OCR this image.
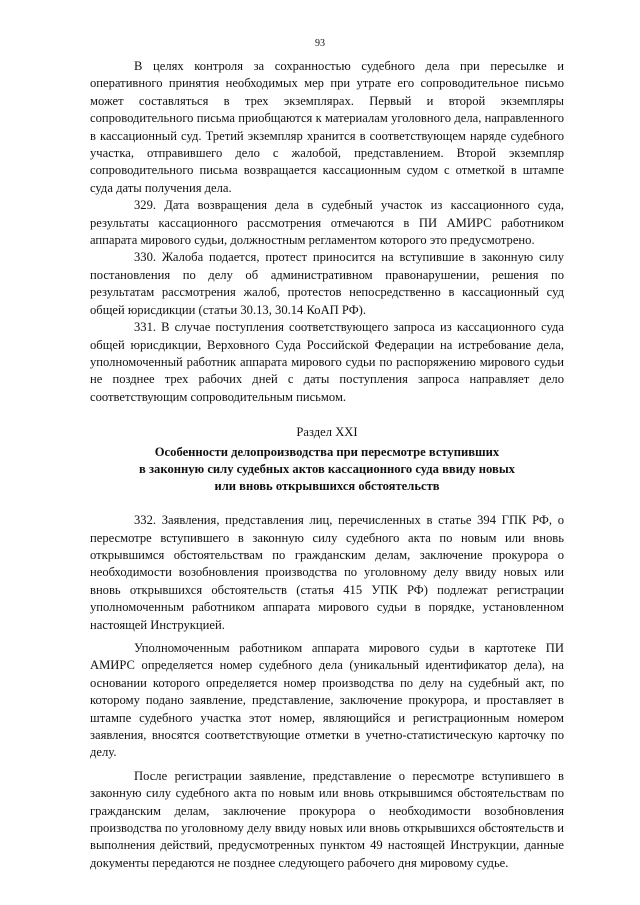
93

В целях контроля за сохранностью судебного дела при пересылке и оперативного принятия необходимых мер при утрате его сопроводительное письмо может составляться в трех экземплярах. Первый и второй экземпляры сопроводительного письма приобщаются к материалам уголовного дела, направленного в кассационный суд. Третий экземпляр хранится в соответствующем наряде судебного участка, отправившего дело с жалобой, представлением. Второй экземпляр сопроводительного письма возвращается кассационным судом с отметкой в штампе суда даты получения дела.

329. Дата возвращения дела в судебный участок из кассационного суда, результаты кассационного рассмотрения отмечаются в ПИ АМИРС работником аппарата мирового судьи, должностным регламентом которого это предусмотрено.

330. Жалоба подается, протест приносится на вступившие в законную силу постановления по делу об административном правонарушении, решения по результатам рассмотрения жалоб, протестов непосредственно в кассационный суд общей юрисдикции (статьи 30.13, 30.14 КоАП РФ).

331. В случае поступления соответствующего запроса из кассационного суда общей юрисдикции, Верховного Суда Российской Федерации на истребование дела, уполномоченный работник аппарата мирового судьи по распоряжению мирового судьи не позднее трех рабочих дней с даты поступления запроса направляет дело соответствующим сопроводительным письмом.

Раздел XXI
Особенности делопроизводства при пересмотре вступивших
в законную силу судебных актов кассационного суда ввиду новых
или вновь открывшихся обстоятельств

332. Заявления, представления лиц, перечисленных в статье 394 ГПК РФ, о пересмотре вступившего в законную силу судебного акта по новым или вновь открывшимся обстоятельствам по гражданским делам, заключение прокурора о необходимости возобновления производства по уголовному делу ввиду новых или вновь открывшихся обстоятельств (статья 415 УПК РФ) подлежат регистрации уполномоченным работником аппарата мирового судьи в порядке, установленном настоящей Инструкцией.

Уполномоченным работником аппарата мирового судьи в картотеке ПИ АМИРС определяется номер судебного дела (уникальный идентификатор дела), на основании которого определяется номер производства по делу на судебный акт, по которому подано заявление, представление, заключение прокурора, и проставляет в штампе судебного участка этот номер, являющийся и регистрационным номером заявления, вносятся соответствующие отметки в учетно-статистическую карточку по делу.

После регистрации заявление, представление о пересмотре вступившего в законную силу судебного акта по новым или вновь открывшимся обстоятельствам по гражданским делам, заключение прокурора о необходимости возобновления производства по уголовному делу ввиду новых или вновь открывшихся обстоятельств и выполнения действий, предусмотренных пунктом 49 настоящей Инструкции, данные документы передаются не позднее следующего рабочего дня мировому судье.
